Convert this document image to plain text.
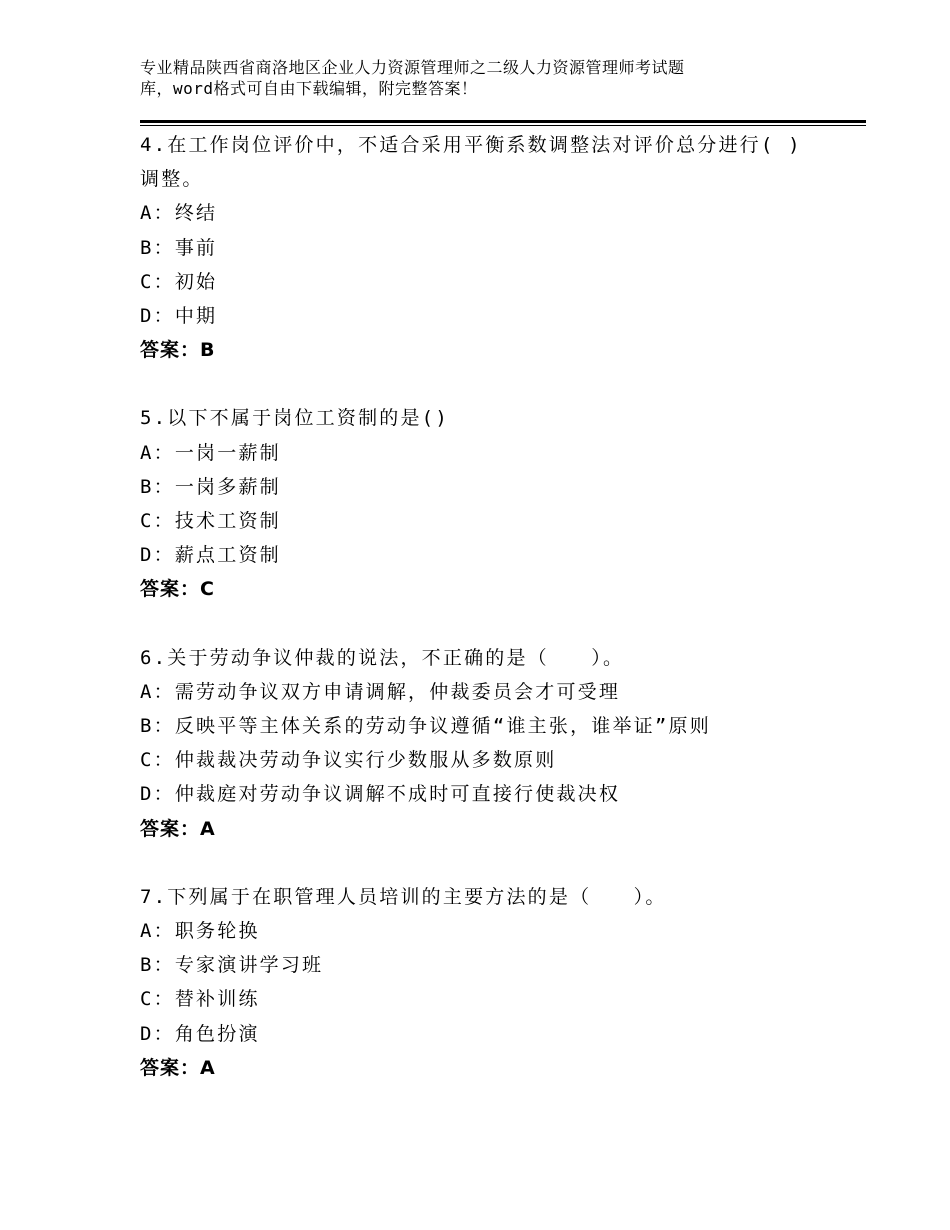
专业精品陕西省商洛地区企业人力资源管理师之二级人力资源管理师考试题
库，word格式可自由下载编辑，附完整答案！
4.在工作岗位评价中，不适合采用平衡系数调整法对评价总分进行( )
调整。
A：终结
B：事前
C：初始
D：中期
答案：B
5.以下不属于岗位工资制的是()
A：一岗一薪制
B：一岗多薪制
C：技术工资制
D：薪点工资制
答案：C
6.关于劳动争议仲裁的说法，不正确的是（　　）。
A：需劳动争议双方申请调解，仲裁委员会才可受理
B：反映平等主体关系的劳动争议遵循“谁主张，谁举证”原则
C：仲裁裁决劳动争议实行少数服从多数原则
D：仲裁庭对劳动争议调解不成时可直接行使裁决权
答案：A
7.下列属于在职管理人员培训的主要方法的是（　　）。
A：职务轮换
B：专家演讲学习班
C：替补训练
D：角色扮演
答案：A
